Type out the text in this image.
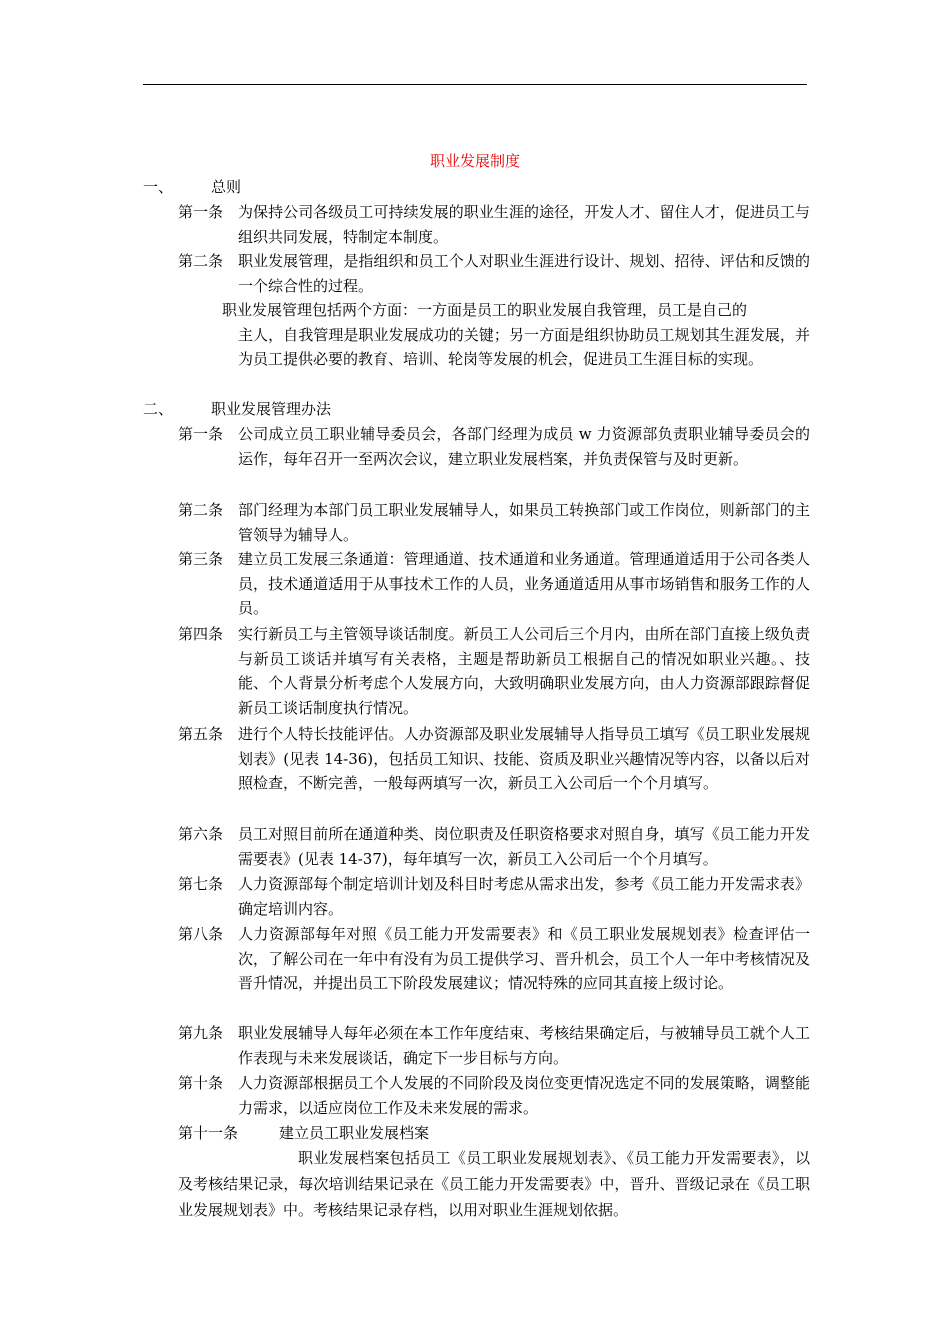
职业发展制度
一、	总则
第一条 为保持公司各级员工可持续发展的职业生涯的途径，开发人才、留住人才，促进员工与组织共同发展，特制定本制度。
第二条 职业发展管理，是指组织和员工个人对职业生涯进行设计、规划、招待、评估和反馈的一个综合性的过程。
职业发展管理包括两个方面：一方面是员工的职业发展自我管理，员工是自己的
主人，自我管理是职业发展成功的关键；另一方面是组织协助员工规划其生涯发展，并为员工提供必要的教育、培训、轮岗等发展的机会，促进员工生涯目标的实现。
二、	职业发展管理办法
第一条 公司成立员工职业辅导委员会，各部门经理为成员 w 力资源部负责职业辅导委员会的运作，每年召开一至两次会议，建立职业发展档案，并负责保管与及时更新。
第二条 部门经理为本部门员工职业发展辅导人，如果员工转换部门或工作岗位，则新部门的主管领导为辅导人。
第三条 建立员工发展三条通道：管理通道、技术通道和业务通道。管理通道适用于公司各类人员，技术通道适用于从事技术工作的人员，业务通道适用从事市场销售和服务工作的人员。
第四条 实行新员工与主管领导谈话制度。新员工人公司后三个月内，由所在部门直接上级负责与新员工谈话并填写有关表格，主题是帮助新员工根据自己的情况如职业兴趣。、技能、个人背景分析考虑个人发展方向，大致明确职业发展方向，由人力资源部跟踪督促新员工谈话制度执行情况。
第五条 进行个人特长技能评估。人办资源部及职业发展辅导人指导员工填写《员工职业发展规划表》(见表 14-36)，包括员工知识、技能、资质及职业兴趣情况等内容，以备以后对照检查，不断完善，一般每两填写一次，新员工入公司后一个个月填写。
第六条 员工对照目前所在通道种类、岗位职责及任职资格要求对照自身，填写《员工能力开发需要表》(见表 14-37)，每年填写一次，新员工入公司后一个个月填写。
第七条 人力资源部每个制定培训计划及科目时考虑从需求出发，参考《员工能力开发需求表》确定培训内容。
第八条 人力资源部每年对照《员工能力开发需要表》和《员工职业发展规划表》检查评估一次，了解公司在一年中有没有为员工提供学习、晋升机会，员工个人一年中考核情况及晋升情况，并提出员工下阶段发展建议；情况特殊的应同其直接上级讨论。
第九条 职业发展辅导人每年必须在本工作年度结束、考核结果确定后，与被辅导员工就个人工作表现与未来发展谈话，确定下一步目标与方向。
第十条 人力资源部根据员工个人发展的不同阶段及岗位变更情况选定不同的发展策略，调整能力需求，以适应岗位工作及未来发展的需求。
第十一条	建立员工职业发展档案
职业发展档案包括员工《员工职业发展规划表》、《员工能力开发需要表》，以及考核结果记录，每次培训结果记录在《员工能力开发需要表》中，晋升、晋级记录在《员工职业发展规划表》中。考核结果记录存档，以用对职业生涯规划依据。
